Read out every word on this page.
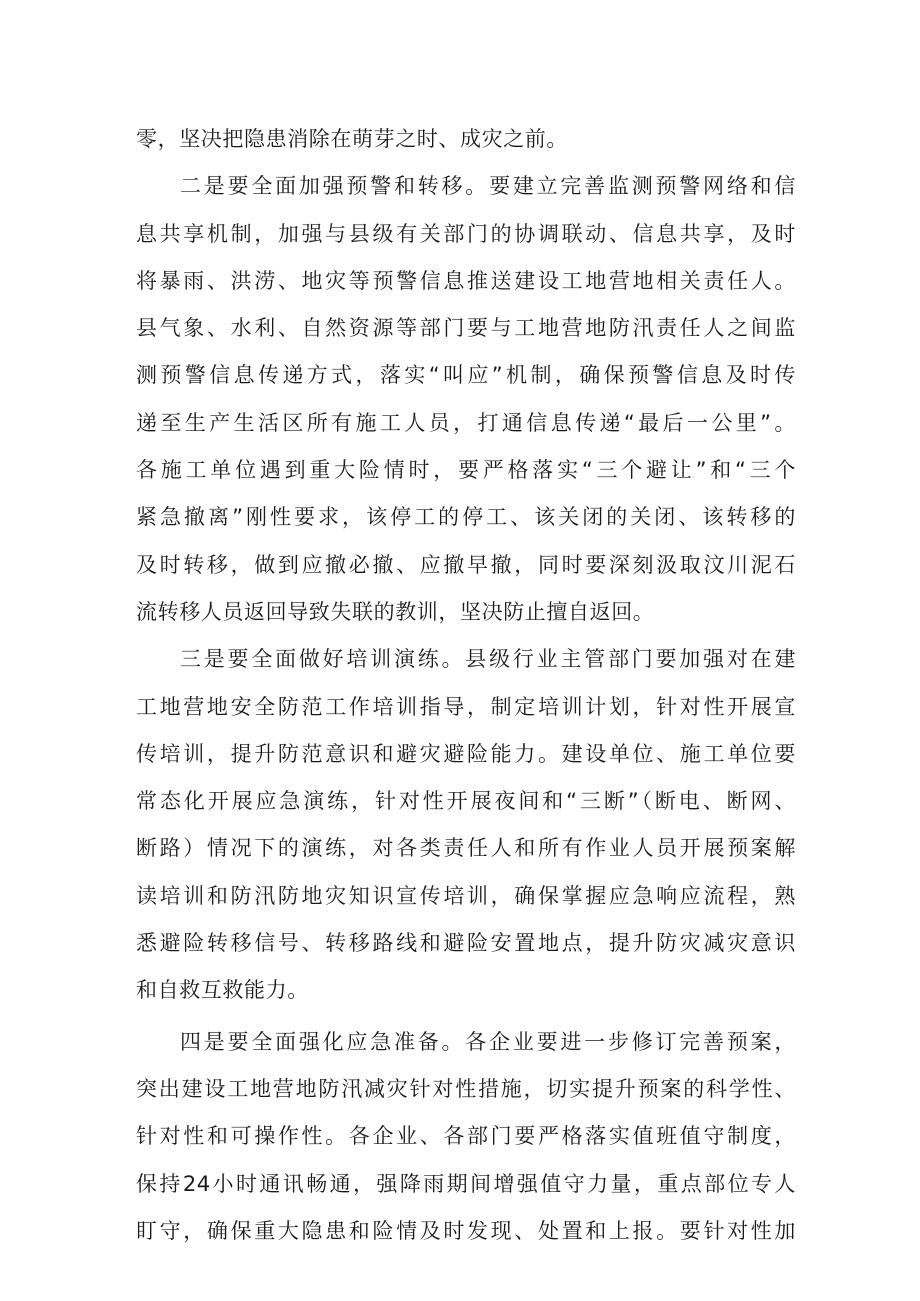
零，坚决把隐患消除在萌芽之时、成灾之前。
二是要全面加强预警和转移。要建立完善监测预警网络和信
息共享机制，加强与县级有关部门的协调联动、信息共享，及时
将暴雨、洪涝、地灾等预警信息推送建设工地营地相关责任人。
县气象、水利、自然资源等部门要与工地营地防汛责任人之间监
测预警信息传递方式，落实“叫应”机制，确保预警信息及时传
递至生产生活区所有施工人员，打通信息传递“最后一公里”。
各施工单位遇到重大险情时，要严格落实“三个避让”和“三个
紧急撤离”刚性要求，该停工的停工、该关闭的关闭、该转移的
及时转移，做到应撤必撤、应撤早撤，同时要深刻汲取汶川泥石
流转移人员返回导致失联的教训，坚决防止擅自返回。
三是要全面做好培训演练。县级行业主管部门要加强对在建
工地营地安全防范工作培训指导，制定培训计划，针对性开展宣
传培训，提升防范意识和避灾避险能力。建设单位、施工单位要
常态化开展应急演练，针对性开展夜间和“三断”（断电、断网、
断路）情况下的演练，对各类责任人和所有作业人员开展预案解
读培训和防汛防地灾知识宣传培训，确保掌握应急响应流程，熟
悉避险转移信号、转移路线和避险安置地点，提升防灾减灾意识
和自救互救能力。
四是要全面强化应急准备。各企业要进一步修订完善预案，
突出建设工地营地防汛减灾针对性措施，切实提升预案的科学性、
针对性和可操作性。各企业、各部门要严格落实值班值守制度，
保持24小时通讯畅通，强降雨期间增强值守力量，重点部位专人
盯守，确保重大隐患和险情及时发现、处置和上报。要针对性加
